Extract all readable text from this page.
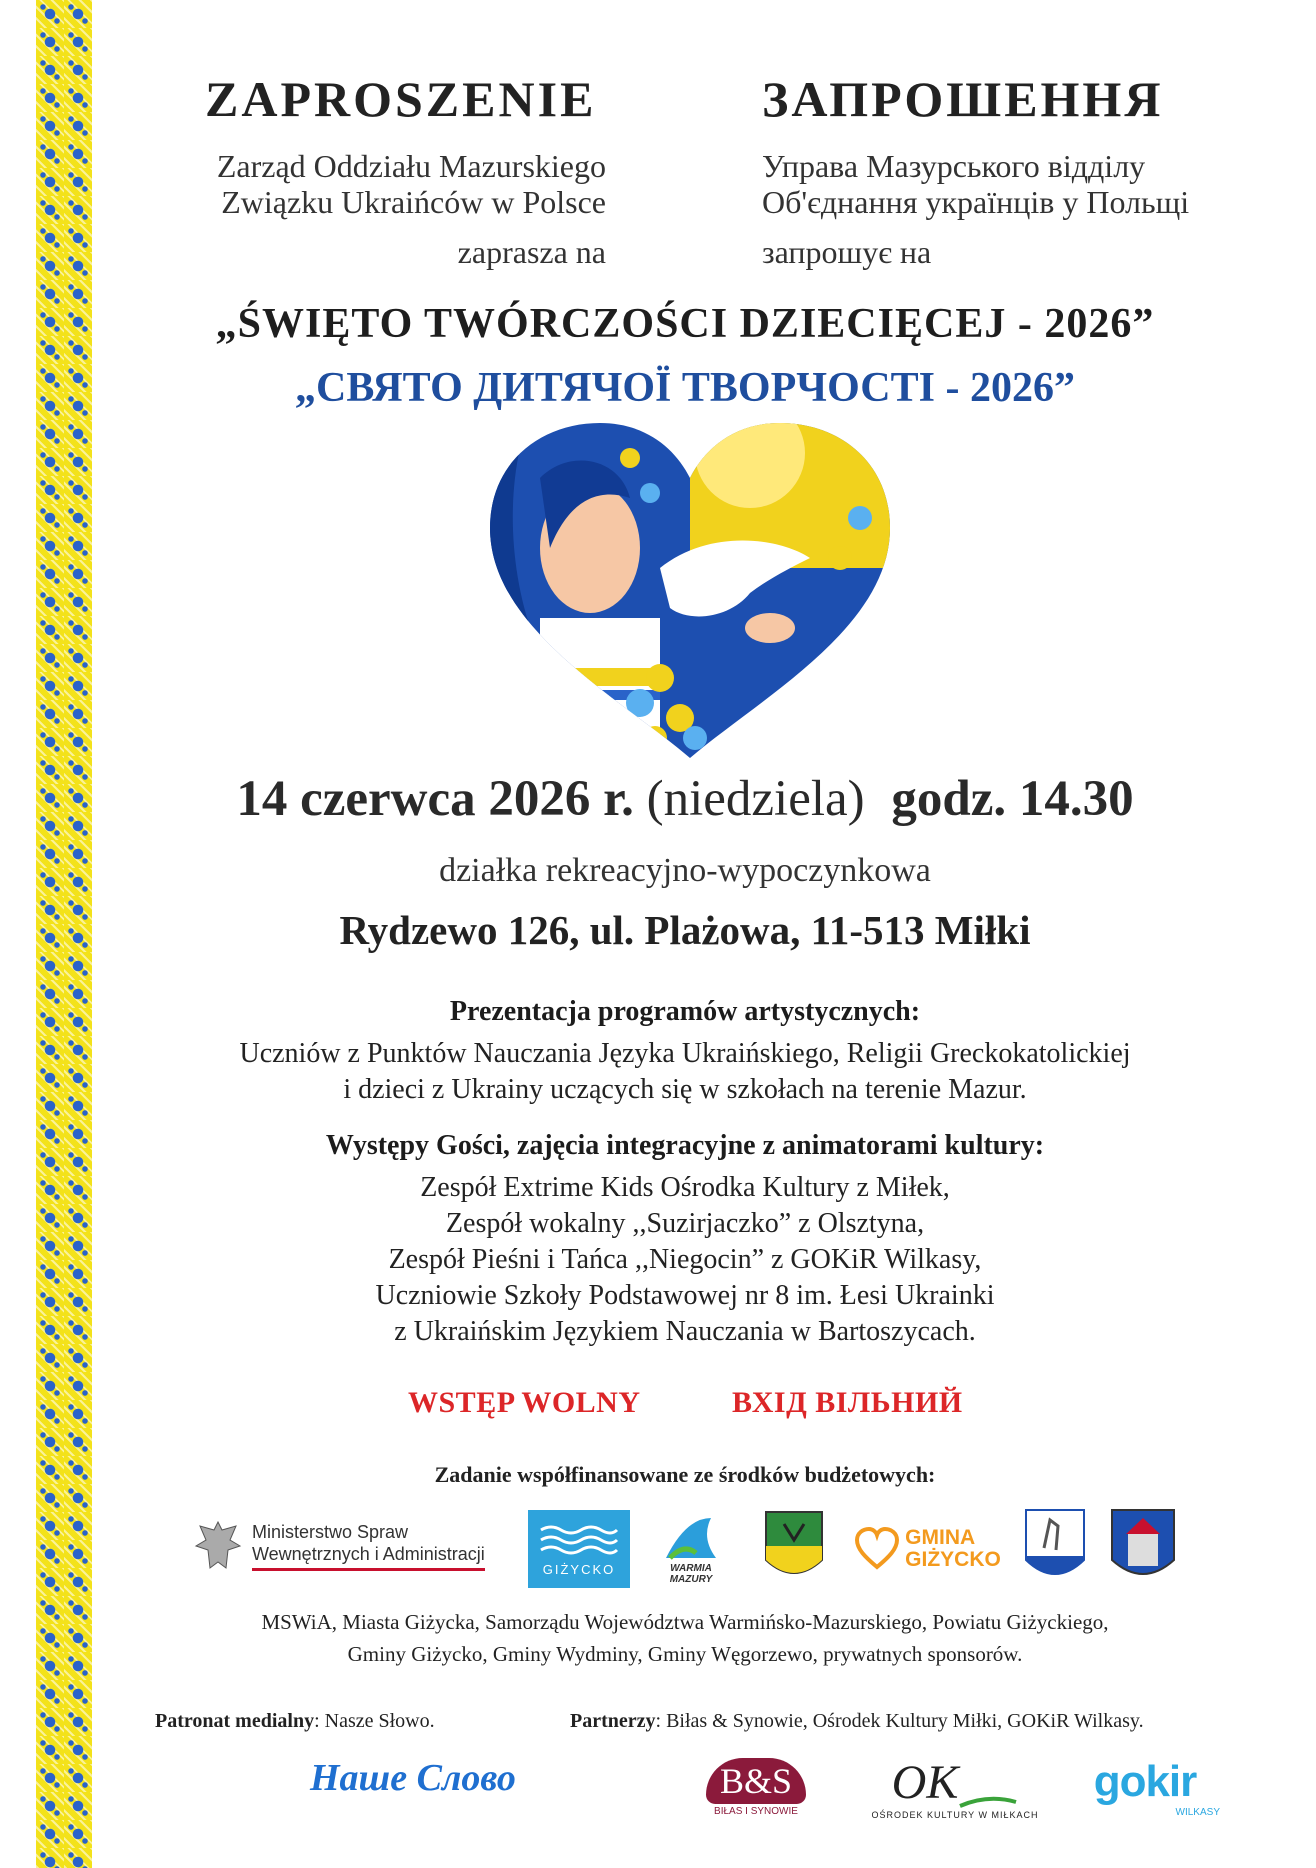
ZAPROSZENIE	ЗАПРОШЕННЯ
Zarząd Oddziału Mazurskiego
Związku Ukraińców w Polsce
Управа Мазурського відділу
Об'єднання українців у Польщі
zaprasza na	запрошує на
„ŚWIĘTO TWÓRCZOŚCI DZIECIĘCEJ - 2026”
„СВЯТО ДИТЯЧОЇ ТВОРЧОСТІ - 2026”
14 czerwca 2026 r. (niedziela) godz. 14.30
działka rekreacyjno-wypoczynkowa
Rydzewo 126, ul. Plażowa, 11-513 Miłki
Prezentacja programów artystycznych:
Uczniów z Punktów Nauczania Języka Ukraińskiego, Religii Greckokatolickiej
i dzieci z Ukrainy uczących się w szkołach na terenie Mazur.
Występy Gości, zajęcia integracyjne z animatorami kultury:
Zespół Extrime Kids Ośrodka Kultury z Miłek,
Zespół wokalny ,,Suzirjaczko” z Olsztyna,
Zespół Pieśni i Tańca ,,Niegocin” z GOKiR Wilkasy,
Uczniowie Szkoły Podstawowej nr 8 im. Łesi Ukrainki
z Ukraińskim Językiem Nauczania w Bartoszycach.
WSTĘP WOLNY	ВХІД ВІЛЬНИЙ
Zadanie współfinansowane ze środków budżetowych:
Ministerstwo Spraw
Wewnętrznych i Administracji
GIŻYCKO	WARMIA MAZURY
GMINA
GIŻYCKO
MSWiA, Miasta Giżycka, Samorządu Województwa Warmińsko-Mazurskiego, Powiatu Giżyckiego,
Gminy Giżycko, Gminy Wydminy, Gminy Węgorzewo, prywatnych sponsorów.
Patronat medialny: Nasze Słowo.	Partnerzy: Biłas & Synowie, Ośrodek Kultury Miłki, GOKiR Wilkasy.
Наше Слово	B&S
BIŁAS I SYNOWIE
OK
OŚRODEK KULTURY W MIŁKACH
gokir
WILKASY
